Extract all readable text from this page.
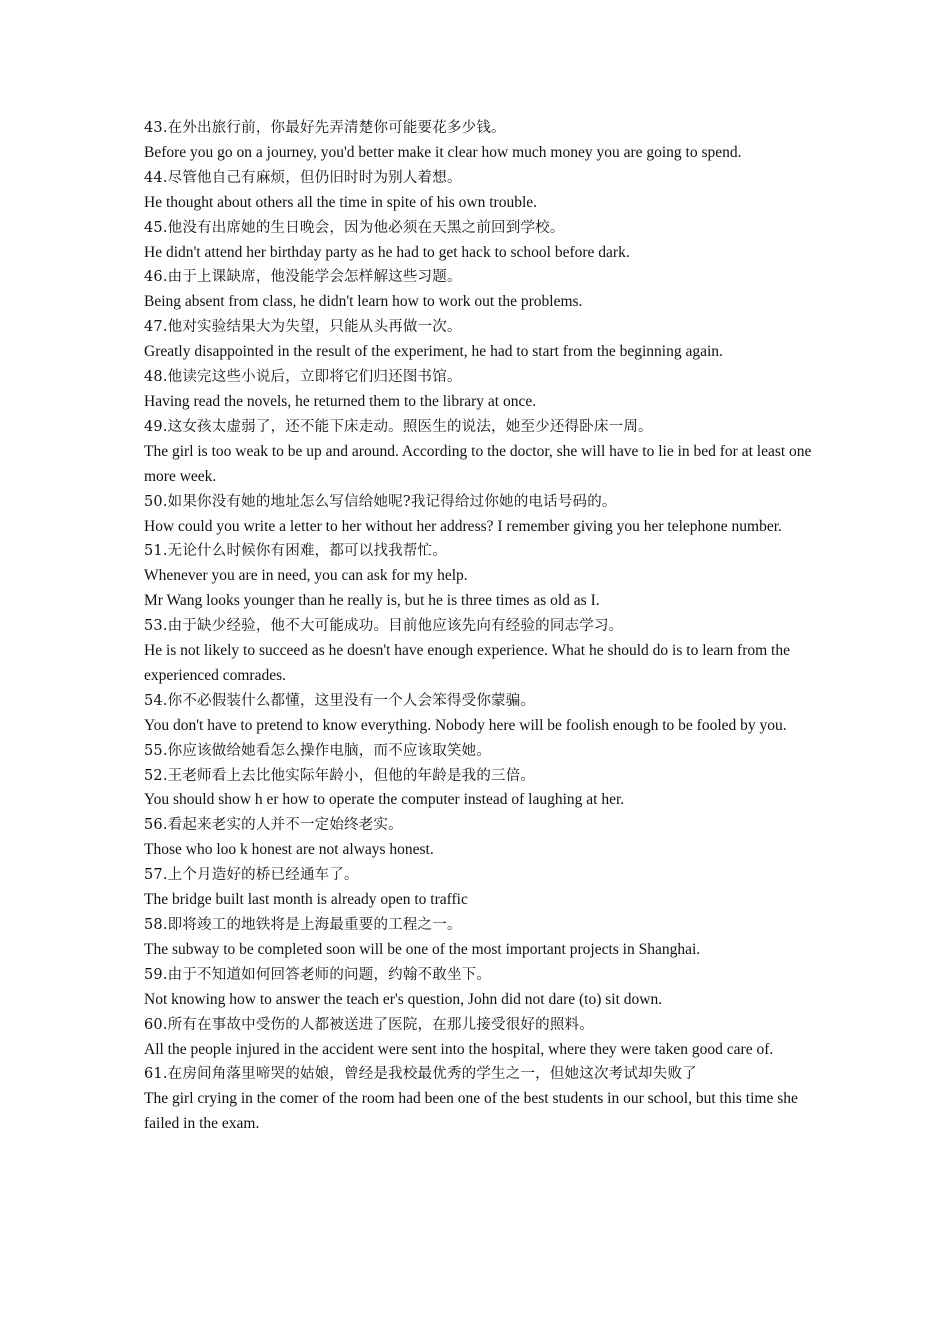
43.在外出旅行前，你最好先弄清楚你可能要花多少钱。

Before you go on a journey, you'd better make it clear how much money you are going to spend.

44.尽管他自己有麻烦，但仍旧时时为别人着想。

He thought about others all the time in spite of his own trouble.

45.他没有出席她的生日晚会，因为他必须在天黑之前回到学校。

He didn't attend her birthday party as he had to get hack to school before dark.

46.由于上课缺席，他没能学会怎样解这些习题。

Being absent from class, he didn't learn how to work out the problems.

47.他对实验结果大为失望，只能从头再做一次。

Greatly disappointed in the result of the experiment, he had to start from the beginning again.

48.他读完这些小说后，立即将它们归还图书馆。

Having read the novels, he returned them to the library at once.

49.这女孩太虚弱了，还不能下床走动。照医生的说法，她至少还得卧床一周。

The girl is too weak to be up and around. According to the doctor, she will have to lie in bed for at least one more week.

50.如果你没有她的地址怎么写信给她呢?我记得给过你她的电话号码的。

How could you write a letter to her without her address? I remember giving you her telephone number.

51.无论什么时候你有困难，都可以找我帮忙。

Whenever you are in need, you can ask for my help.

Mr Wang looks younger than he really is, but he is three times as old as I.

53.由于缺少经验，他不大可能成功。目前他应该先向有经验的同志学习。

He is not likely to succeed as he doesn't have enough experience. What he should do is to learn from the experienced comrades.

54.你不必假装什么都懂，这里没有一个人会笨得受你蒙骗。

You don't have to pretend to know everything. Nobody here will be foolish enough to be fooled by you.

55.你应该做给她看怎么操作电脑，而不应该取笑她。

52.王老师看上去比他实际年龄小，但他的年龄是我的三倍。

You should show h er how to operate the computer instead of laughing at her.

56.看起来老实的人并不一定始终老实。

Those who loo k honest are not always honest.

57.上个月造好的桥已经通车了。

The bridge built last month is already open to traffic

58.即将竣工的地铁将是上海最重要的工程之一。

The subway to be completed soon will be one of the most important projects in Shanghai.

59.由于不知道如何回答老师的问题，约翰不敢坐下。

Not knowing how to answer the teach er's question, John did not dare (to) sit down.

60.所有在事故中受伤的人都被送进了医院，在那儿接受很好的照料。

All the people injured in the accident were sent into the hospital, where they were taken good care of.

61.在房间角落里啼哭的姑娘，曾经是我校最优秀的学生之一，但她这次考试却失败了

The girl crying in the comer of the room had been one of the best students in our school, but this time she failed in the exam.
